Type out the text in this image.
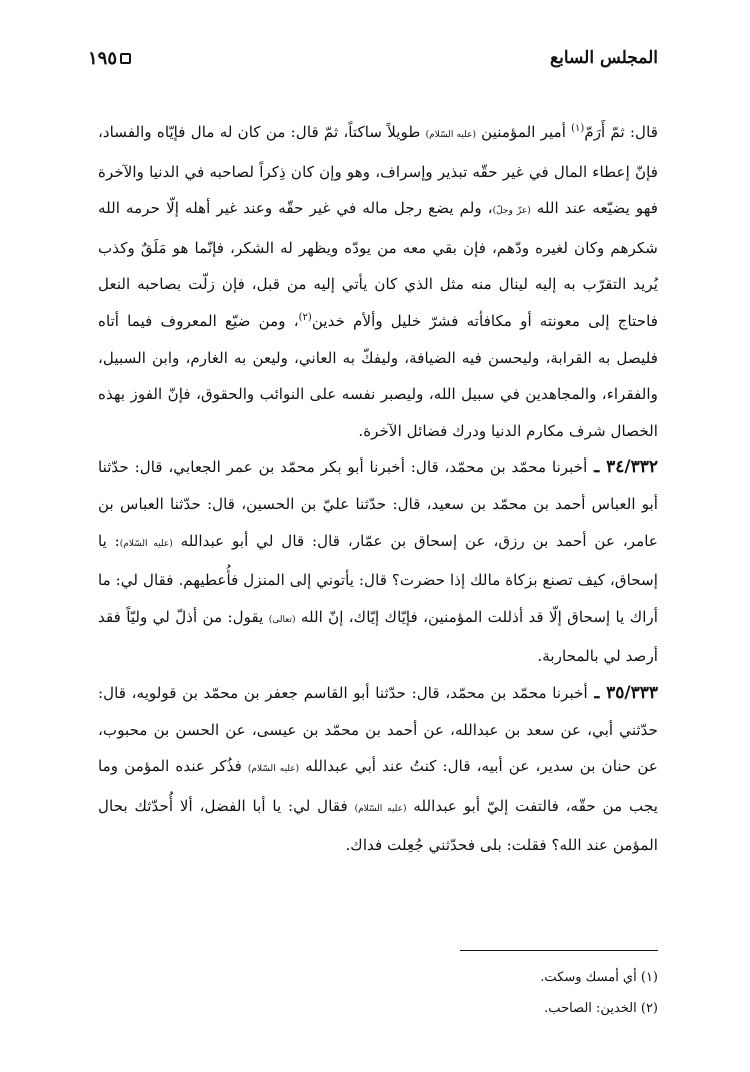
المجلس السابع
١٩٥

قال: ثمّ أَرَمّ$^{(١)}$ أمير المؤمنين (عليه السّلام) طويلاً ساكتاً، ثمّ قال: من كان له مال فإيّاه والفساد، فإنّ إعطاء المال في غير حقّه تبذير وإسراف، وهو وإن كان ذِكراً لصاحبه في الدنيا والآخرة فهو يضيّعه عند الله (عزّ وجلّ)، ولم يضع رجل ماله في غير حقّه وعند غير أهله إلّا حرمه الله شكرهم وكان لغيره ودّهم، فإن بقي معه من يودّه ويظهر له الشكر، فإنّما هو مَلَقٌ وكذب يُريد التقرّب به إليه لينال منه مثل الذي كان يأتي إليه من قبل، فإن زلّت بصاحبه النعل فاحتاج إلى معونته أو مكافأته فشرّ خليل وألأم خدين$^{(٢)}$، ومن ضيّع المعروف فيما أتاه فليصل به القرابة، وليحسن فيه الضيافة، وليفكّ به العاني، وليعن به الغارم، وابن السبيل، والفقراء، والمجاهدين في سبيل الله، وليصبر نفسه على النوائب والحقوق، فإنّ الفوز بهذه الخصال شرف مكارم الدنيا ودرك فضائل الآخرة.

٣٤/٣٣٢ ـ أخبرنا محمّد بن محمّد، قال: أخبرنا أبو بكر محمّد بن عمر الجعابي، قال: حدّثنا أبو العباس أحمد بن محمّد بن سعيد، قال: حدّثنا عليّ بن الحسين، قال: حدّثنا العباس بن عامر، عن أحمد بن رزق، عن إسحاق بن عمّار، قال: قال لي أبو عبدالله (عليه السّلام): يا إسحاق، كيف تصنع بزكاة مالك إذا حضرت؟ قال: يأتوني إلى المنزل فأُعطيهم. فقال لي: ما أراك يا إسحاق إلّا قد أذللت المؤمنين، فإيّاك إيّاك، إنّ الله (تعالى) يقول: من أذلّ لي وليّاً فقد أرصد لي بالمحاربة.

٣٥/٣٣٣ ـ أخبرنا محمّد بن محمّد، قال: حدّثنا أبو القاسم جعفر بن محمّد بن قولويه، قال: حدّثني أبي، عن سعد بن عبدالله، عن أحمد بن محمّد بن عيسى، عن الحسن بن محبوب، عن حنان بن سدير، عن أبيه، قال: كنتُ عند أبي عبدالله (عليه السّلام) فذُكر عنده المؤمن وما يجب من حقّه، فالتفت إليّ أبو عبدالله (عليه السّلام) فقال لي: يا أبا الفضل، ألا أُحدّثك بحال المؤمن عند الله؟ فقلت: بلى فحدّثني جُعِلت فداك.

(١) أي أمسك وسكت.

(٢) الخدين: الصاحب.
